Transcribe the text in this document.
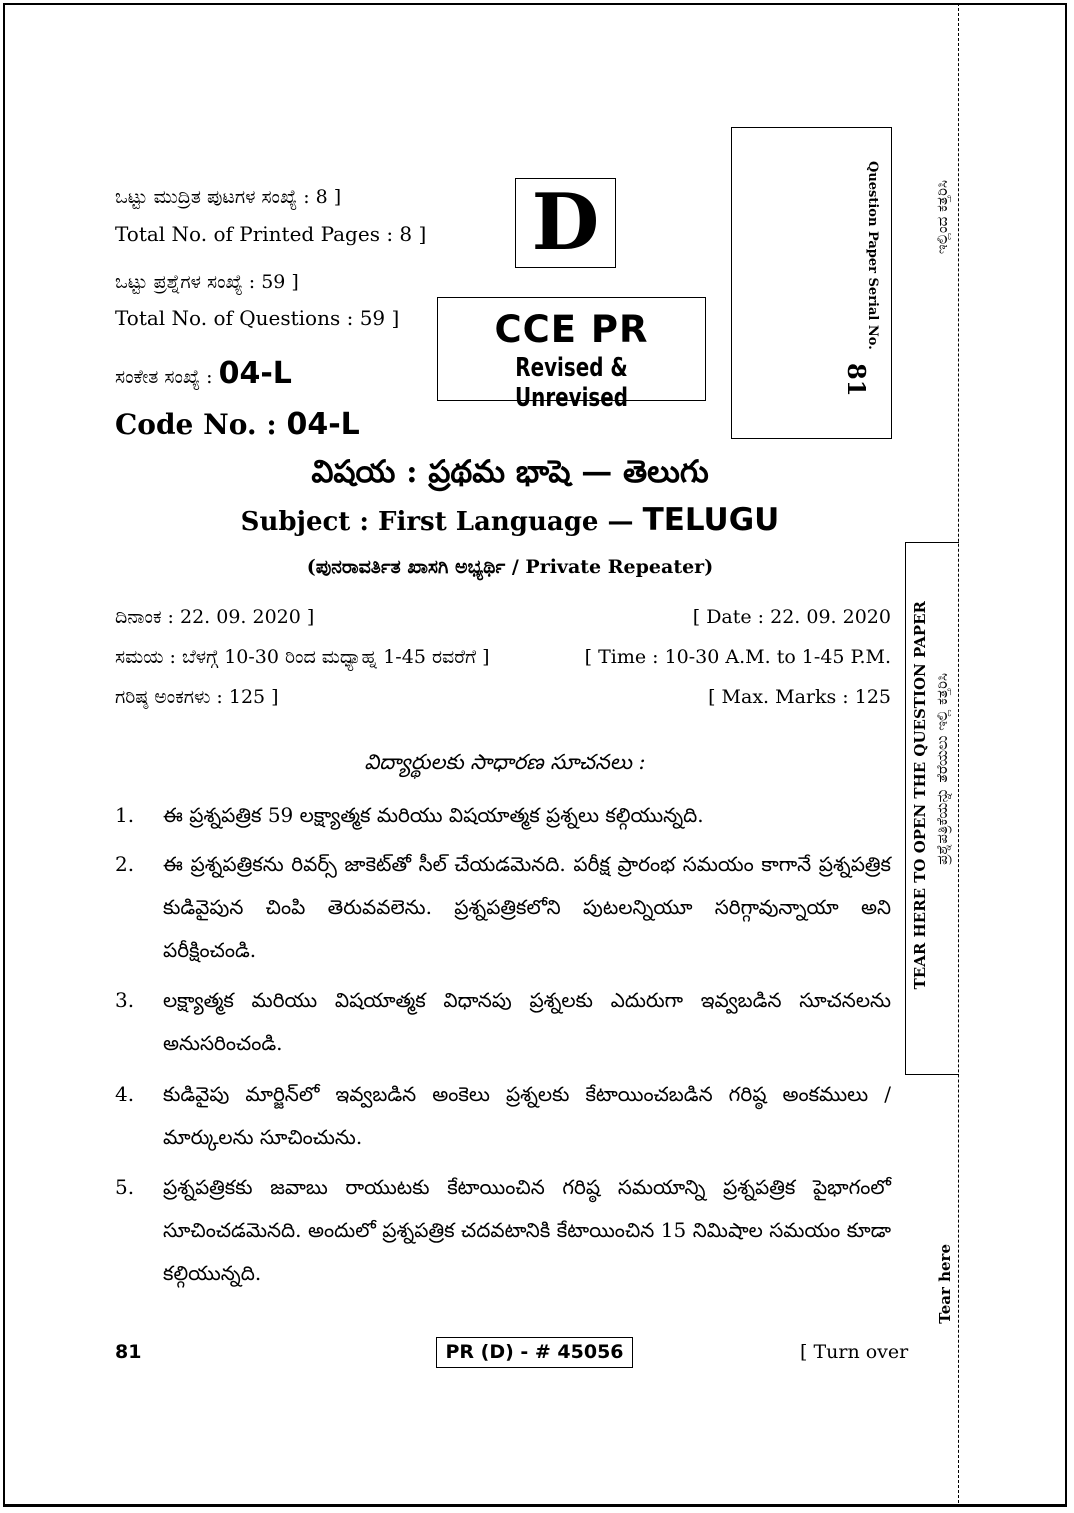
ಒಟ್ಟು ಮುದ್ರಿತ ಪುಟಗಳ ಸಂಖ್ಯೆ : 8 ]
Total No. of Printed Pages : 8 ]
ಒಟ್ಟು ಪ್ರಶ್ನೆಗಳ ಸಂಖ್ಯೆ : 59 ]
Total No. of Questions : 59 ]
ಸಂಕೇತ ಸಂಖ್ಯೆ : 04-L
Code No. : 04-L
D
CCE PR
Revised & Unrevised
Question Paper Serial No.
81
విషయ : ప్రథమ భాషె — తెలుగు
Subject : First Language — TELUGU
(ಪುನರಾವರ್ತಿತ ಖಾಸಗಿ ಅಭ್ಯರ್ಥಿ / Private Repeater)
ದಿನಾಂಕ : 22. 09. 2020 ]	[ Date : 22. 09. 2020
ಸಮಯ : ಬೆಳಗ್ಗೆ 10-30 ರಿಂದ ಮಧ್ಯಾಹ್ನ 1-45 ರವರೆಗೆ ]	[ Time : 10-30 A.M. to 1-45 P.M.
ಗರಿಷ್ಠ ಅಂಕಗಳು : 125 ]	[ Max. Marks : 125
విద్యార్థులకు సాధారణ సూచనలు :
1. ఈ ప్రశ్నపత్రిక 59 లక్ష్యాత్మక మరియు విషయాత్మక ప్రశ్నలు కల్గియున్నది.
2. ఈ ప్రశ్నపత్రికను రివర్స్ జాకెట్‌తో సీల్ చేయడమెనది. పరీక్ష ప్రారంభ సమయం కాగానే ప్రశ్నపత్రిక కుడివైపున చింపి తెరువవలెను. ప్రశ్నపత్రికలోని పుటలన్నియూ సరిగ్గావున్నాయా అని పరీక్షించండి.
3. లక్ష్యాత్మక మరియు విషయాత్మక విధానపు ప్రశ్నలకు ఎదురుగా ఇవ్వబడిన సూచనలను అనుసరించండి.
4. కుడివైపు మార్జిన్‌లో ఇవ్వబడిన అంకెలు ప్రశ్నలకు కేటాయించబడిన గరిష్ఠ అంకములు / మార్కులను సూచించును.
5. ప్రశ్నపత్రికకు జవాబు రాయుటకు కేటాయించిన గరిష్ఠ సమయాన్ని ప్రశ్నపత్రిక పైభాగంలో సూచించడమెనది. అందులో ప్రశ్నపత్రిక చదవటానికి కేటాయించిన 15 నిమిషాల సమయం కూడా కల్గియున్నది.
ಇಲ್ಲಿಂದ ಕತ್ತರಿಸಿ
TEAR HERE TO OPEN THE QUESTION PAPER ಪ್ರಶ್ನೆಪತ್ರಿಕೆಯನ್ನು ತೆರೆಯಲು ಇಲ್ಲಿ ಕತ್ತರಿಸಿ
Tear here
81	PR (D) - # 45056	[ Turn over
